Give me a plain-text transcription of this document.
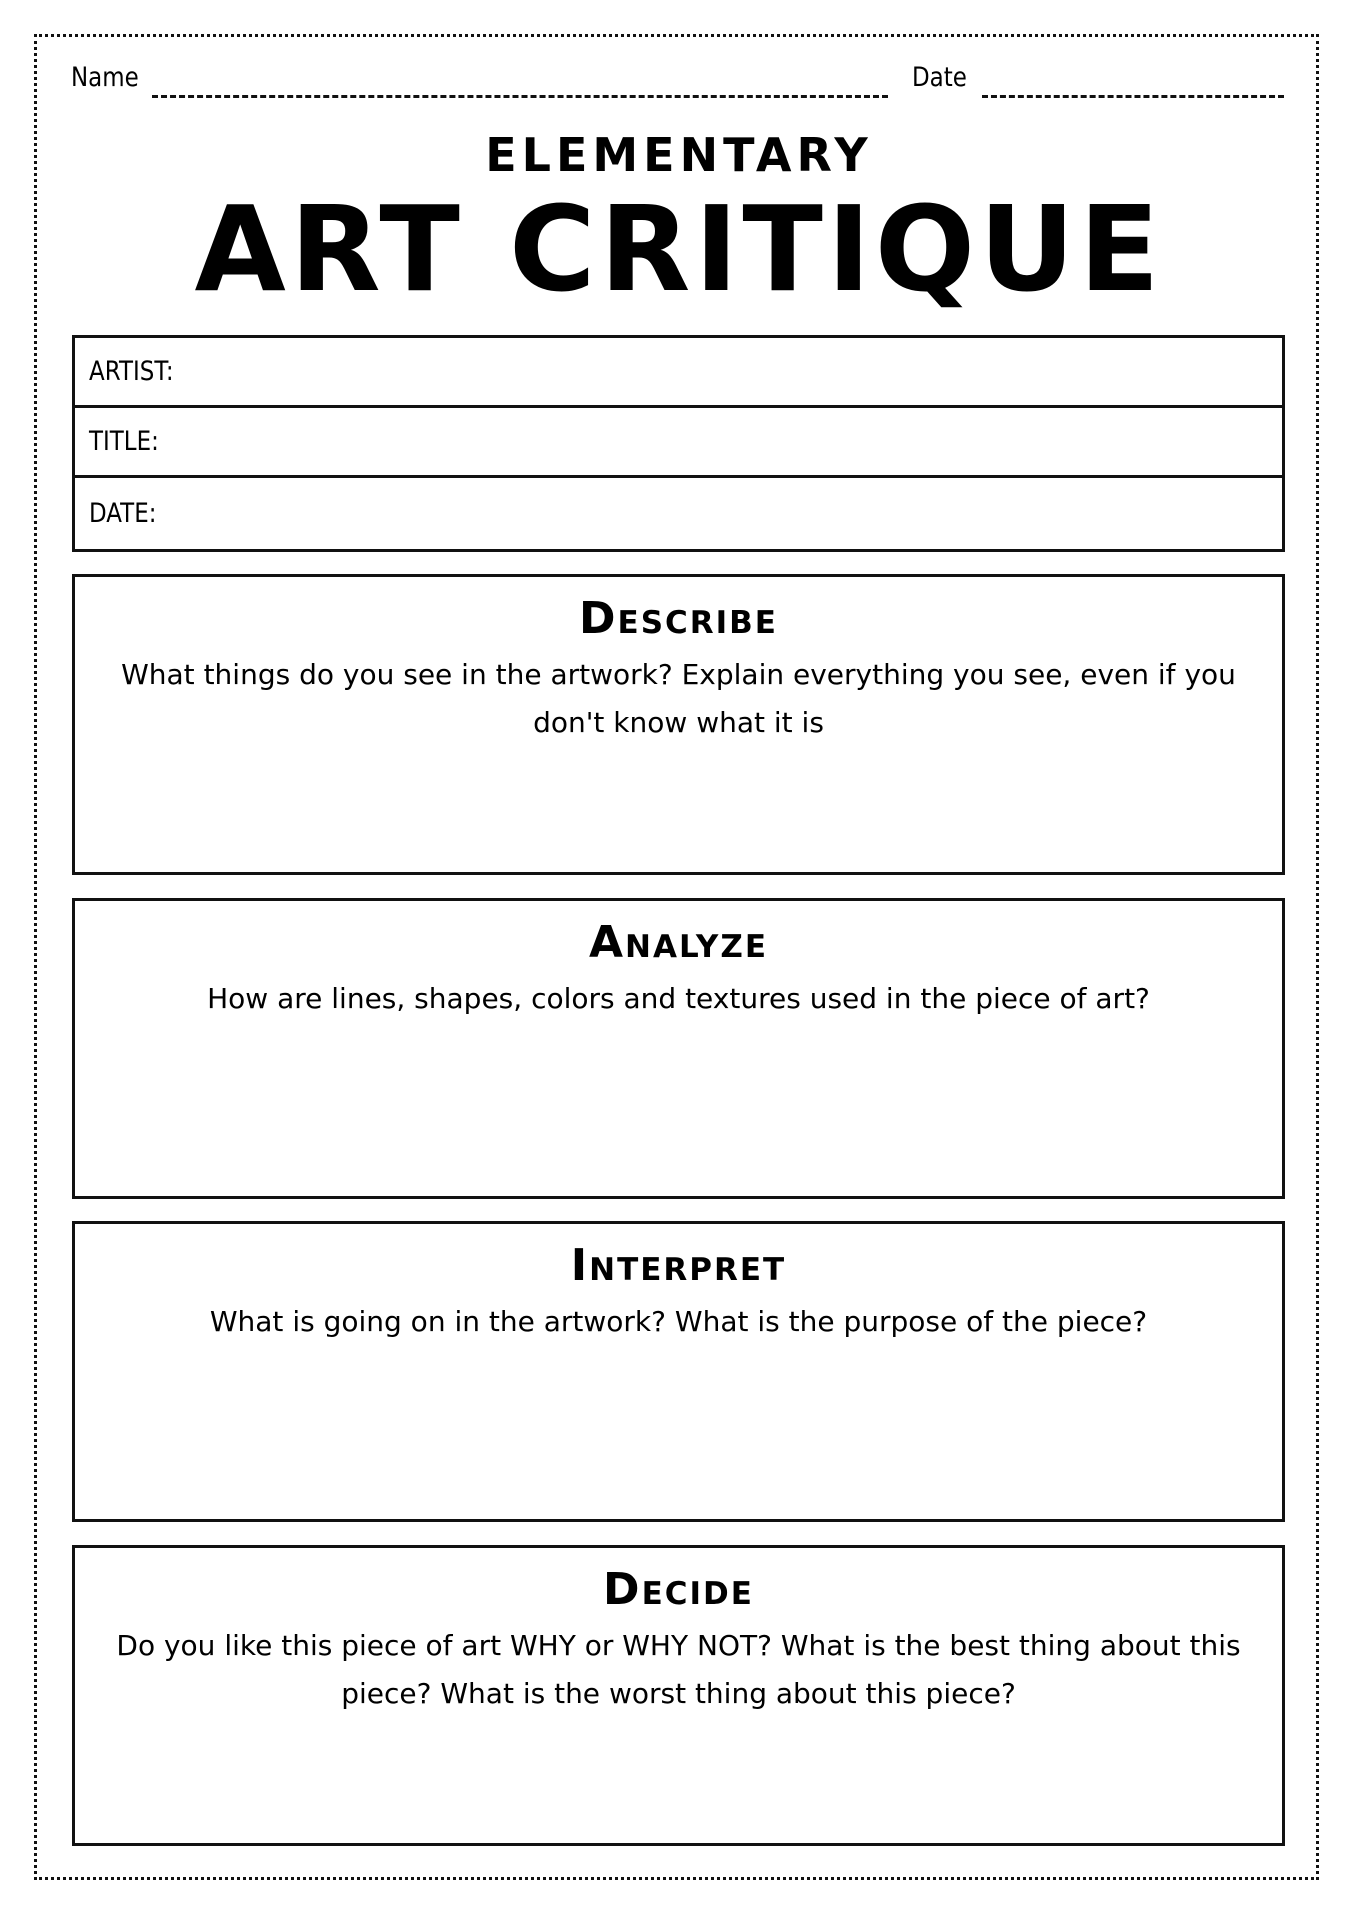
Name	Date
ELEMENTARY
ART CRITIQUE
ARTIST:
TITLE:
DATE:
Describe

What things do you see in the artwork? Explain everything you see, even if you don't know what it is

Analyze

How are lines, shapes, colors and textures used in the piece of art?

Interpret

What is going on in the artwork? What is the purpose of the piece?

Decide

Do you like this piece of art WHY or WHY NOT? What is the best thing about this piece? What is the worst thing about this piece?
